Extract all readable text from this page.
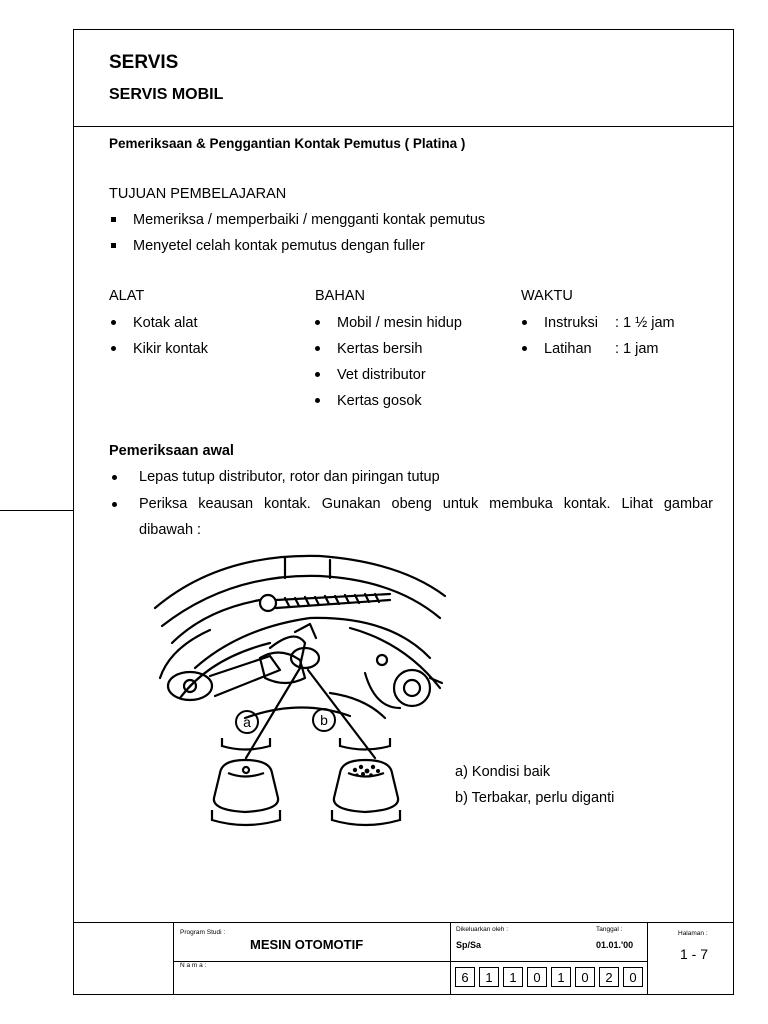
SERVIS
SERVIS MOBIL
Pemeriksaan & Penggantian Kontak Pemutus ( Platina )
TUJUAN PEMBELAJARAN
Memeriksa / memperbaiki / mengganti kontak pemutus
Menyetel celah kontak pemutus dengan fuller
ALAT
Kotak alat
Kikir kontak
BAHAN
Mobil / mesin hidup
Kertas bersih
Vet distributor
Kertas gosok
WAKTU
Instruksi : 1 ½ jam
Latihan : 1 jam
Pemeriksaan awal
Lepas tutup distributor, rotor dan piringan tutup
Periksa keausan kontak. Gunakan obeng untuk membuka kontak. Lihat gambar
dibawah :
a	b
a) Kondisi baik
b) Terbakar, perlu diganti
Program Studi :
MESIN OTOMOTIF
N a m a :
Dikeluarkan oleh :
Sp/Sa
Tanggal :
01.01.'00
Halaman :
1 - 7
6	1	1	0	1	0	2	0
